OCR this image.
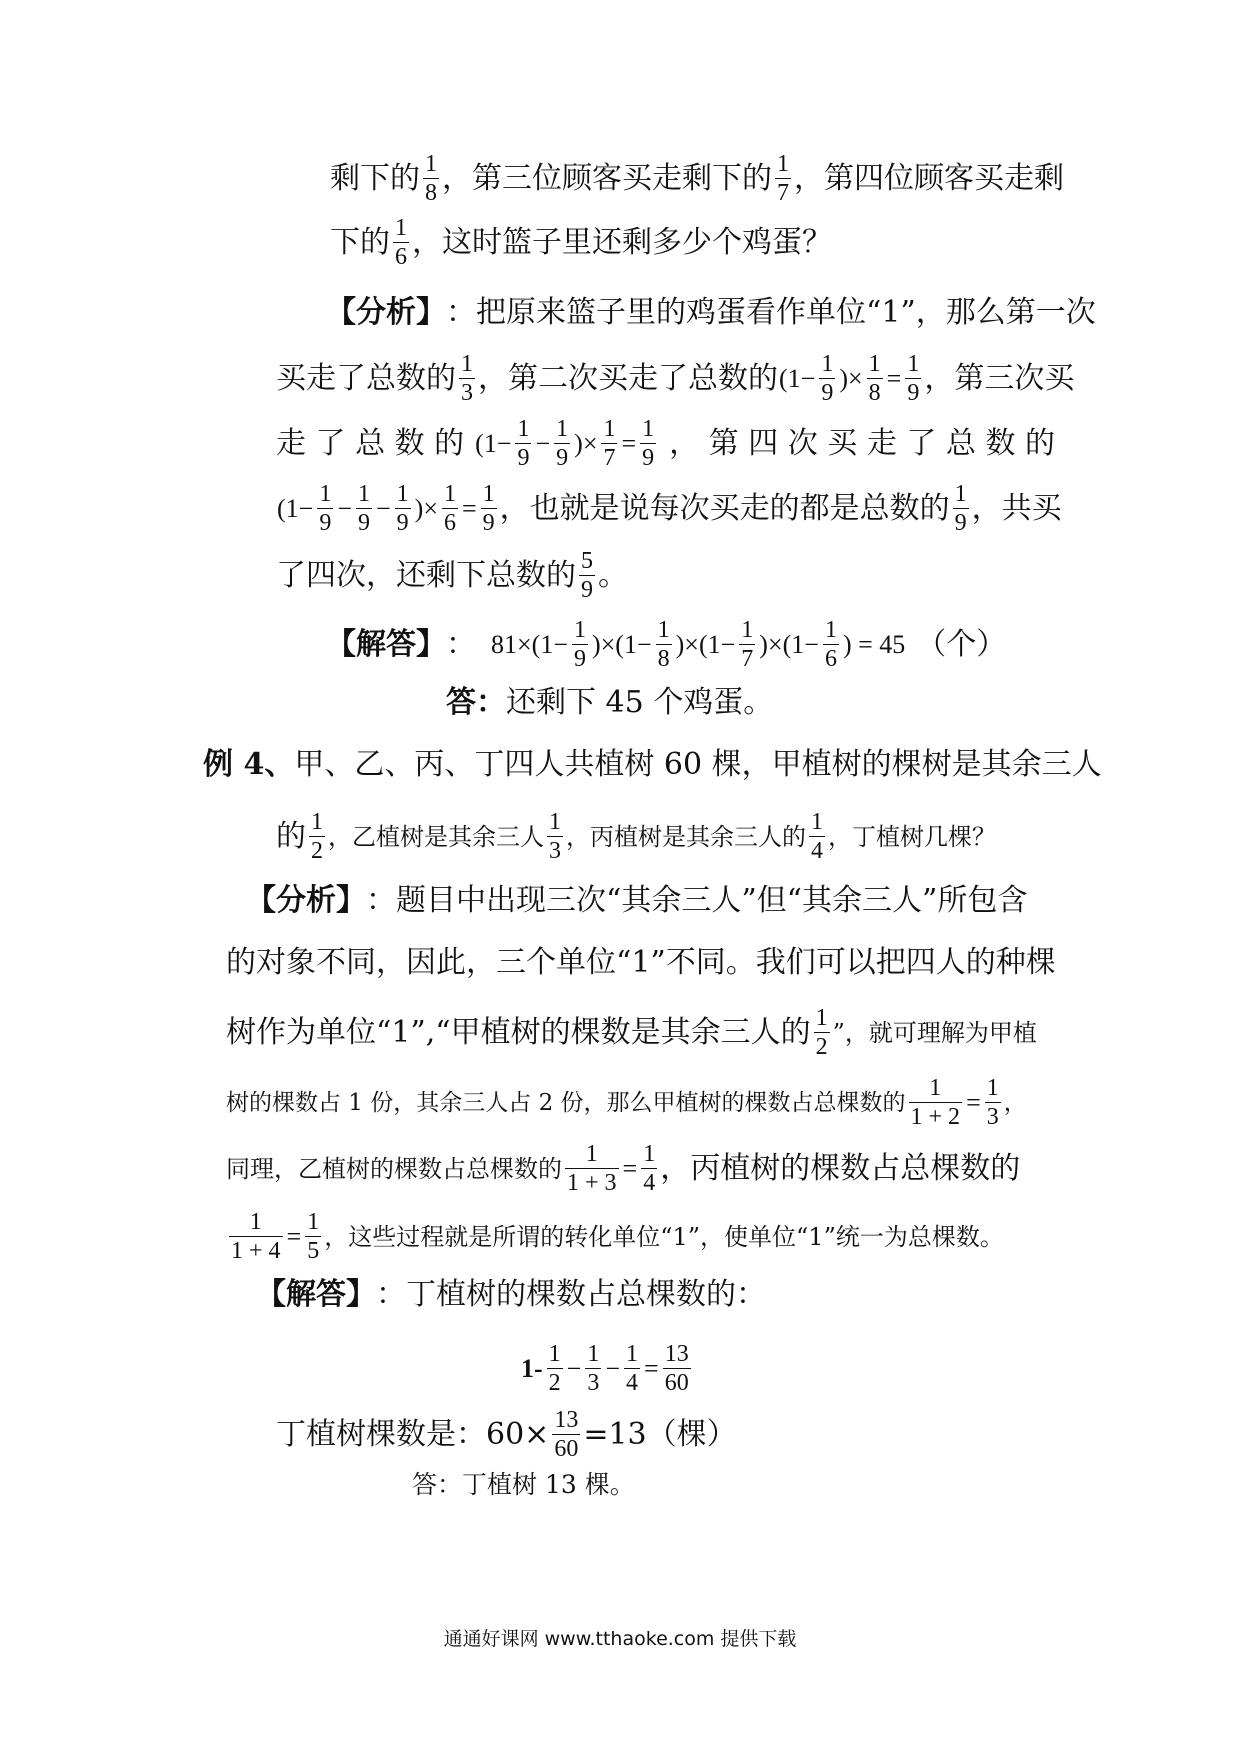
剩下的 $\frac{1}{8}$ ，第三位顾客买走剩下的 $\frac{1}{7}$ ，第四位顾客买走剩
下的 $\frac{1}{6}$ ，这时篮子里还剩多少个鸡蛋？
【分析】 ：把原来篮子里的鸡蛋看作单位“1”，那么第一次
买走了总数的 $\frac{1}{3}$ ，第二次买走了总数的 ($1- \frac{1}{9}$ )× $\frac{1}{8} = \frac{1}{9}$ ，第三次买
走 了 总 数 的 ($1- \frac{1}{9} - \frac{1}{9}$ )× $\frac{1}{7} = \frac{1}{9}$ ， 第 四 次 买 走 了 总 数 的
($1- \frac{1}{9} - \frac{1}{9} - \frac{1}{9}$ )× $\frac{1}{6} = \frac{1}{9}$ ，也就是说每次买走的都是总数的 $\frac{1}{9}$ ，共买
了四次，还剩下总数的 $\frac{5}{9}$ 。
【解答】 ： $81\times(1- \frac{1}{9} )\times(1- \frac{1}{8} )\times(1- \frac{1}{7} )\times(1- \frac{1}{6}$ ) = 45 （个）
答： 还剩下 45 个鸡蛋。
例 4、 甲、乙、丙、丁四人共植树 60 棵，甲植树的棵树是其余三人
的 $\frac{1}{2}$ ，乙植树是其余三人 $\frac{1}{3}$ ，丙植树是其余三人的 $\frac{1}{4}$ ，丁植树几棵？
【分析】 ：题目中出现三次“其余三人”但“其余三人”所包含
的对象不同，因此，三个单位“1”不同。我们可以把四人的种棵
树作为单位“1”,“甲植树的棵数是其余三人的 $\frac{1}{2}$ ”，就可理解为甲植
树的棵数占 1 份，其余三人占 2 份，那么甲植树的棵数占总棵数的 $\frac{1}{1 + 2} = \frac{1}{3}$ ，
同理，乙植树的棵数占总棵数的 $\frac{1}{1 + 3} = \frac{1}{4}$ ，丙植树的棵数占总棵数的
$\frac{1}{1 + 4} = \frac{1}{5}$ ，这些过程就是所谓的转化单位“1”，使单位“1”统一为总棵数。
【解答】 ：丁植树的棵数占总棵数的：
$1- \frac{1}{2} - \frac{1}{3} - \frac{1}{4} = \frac{13}{60}$
丁植树棵数是：$60\times \frac{13}{60} =13$（棵）
答：丁植树 13 棵。
通通好课网 www.tthaoke.com 提供下载
